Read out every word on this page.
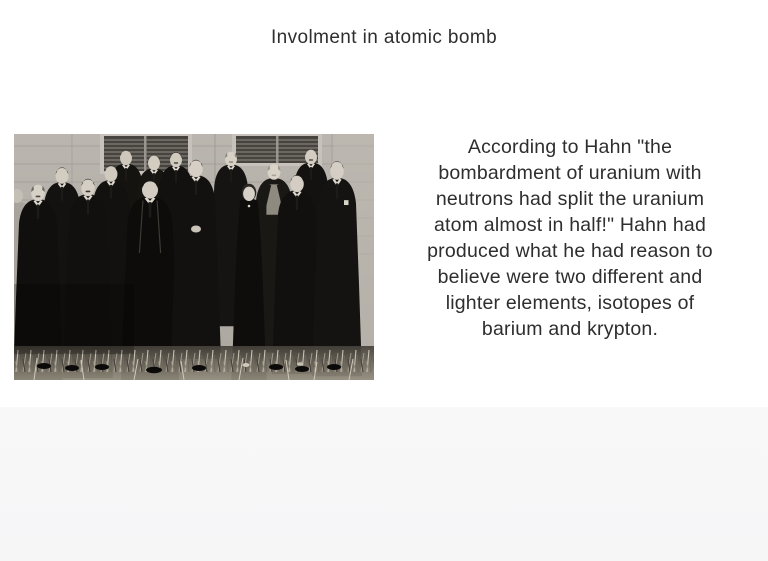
Involment in atomic bomb
According to Hahn "the
bombardment of uranium with
neutrons had split the uranium
atom almost in half!" Hahn had
produced what he had reason to
believe were two different and
lighter elements, isotopes of
barium and krypton.
